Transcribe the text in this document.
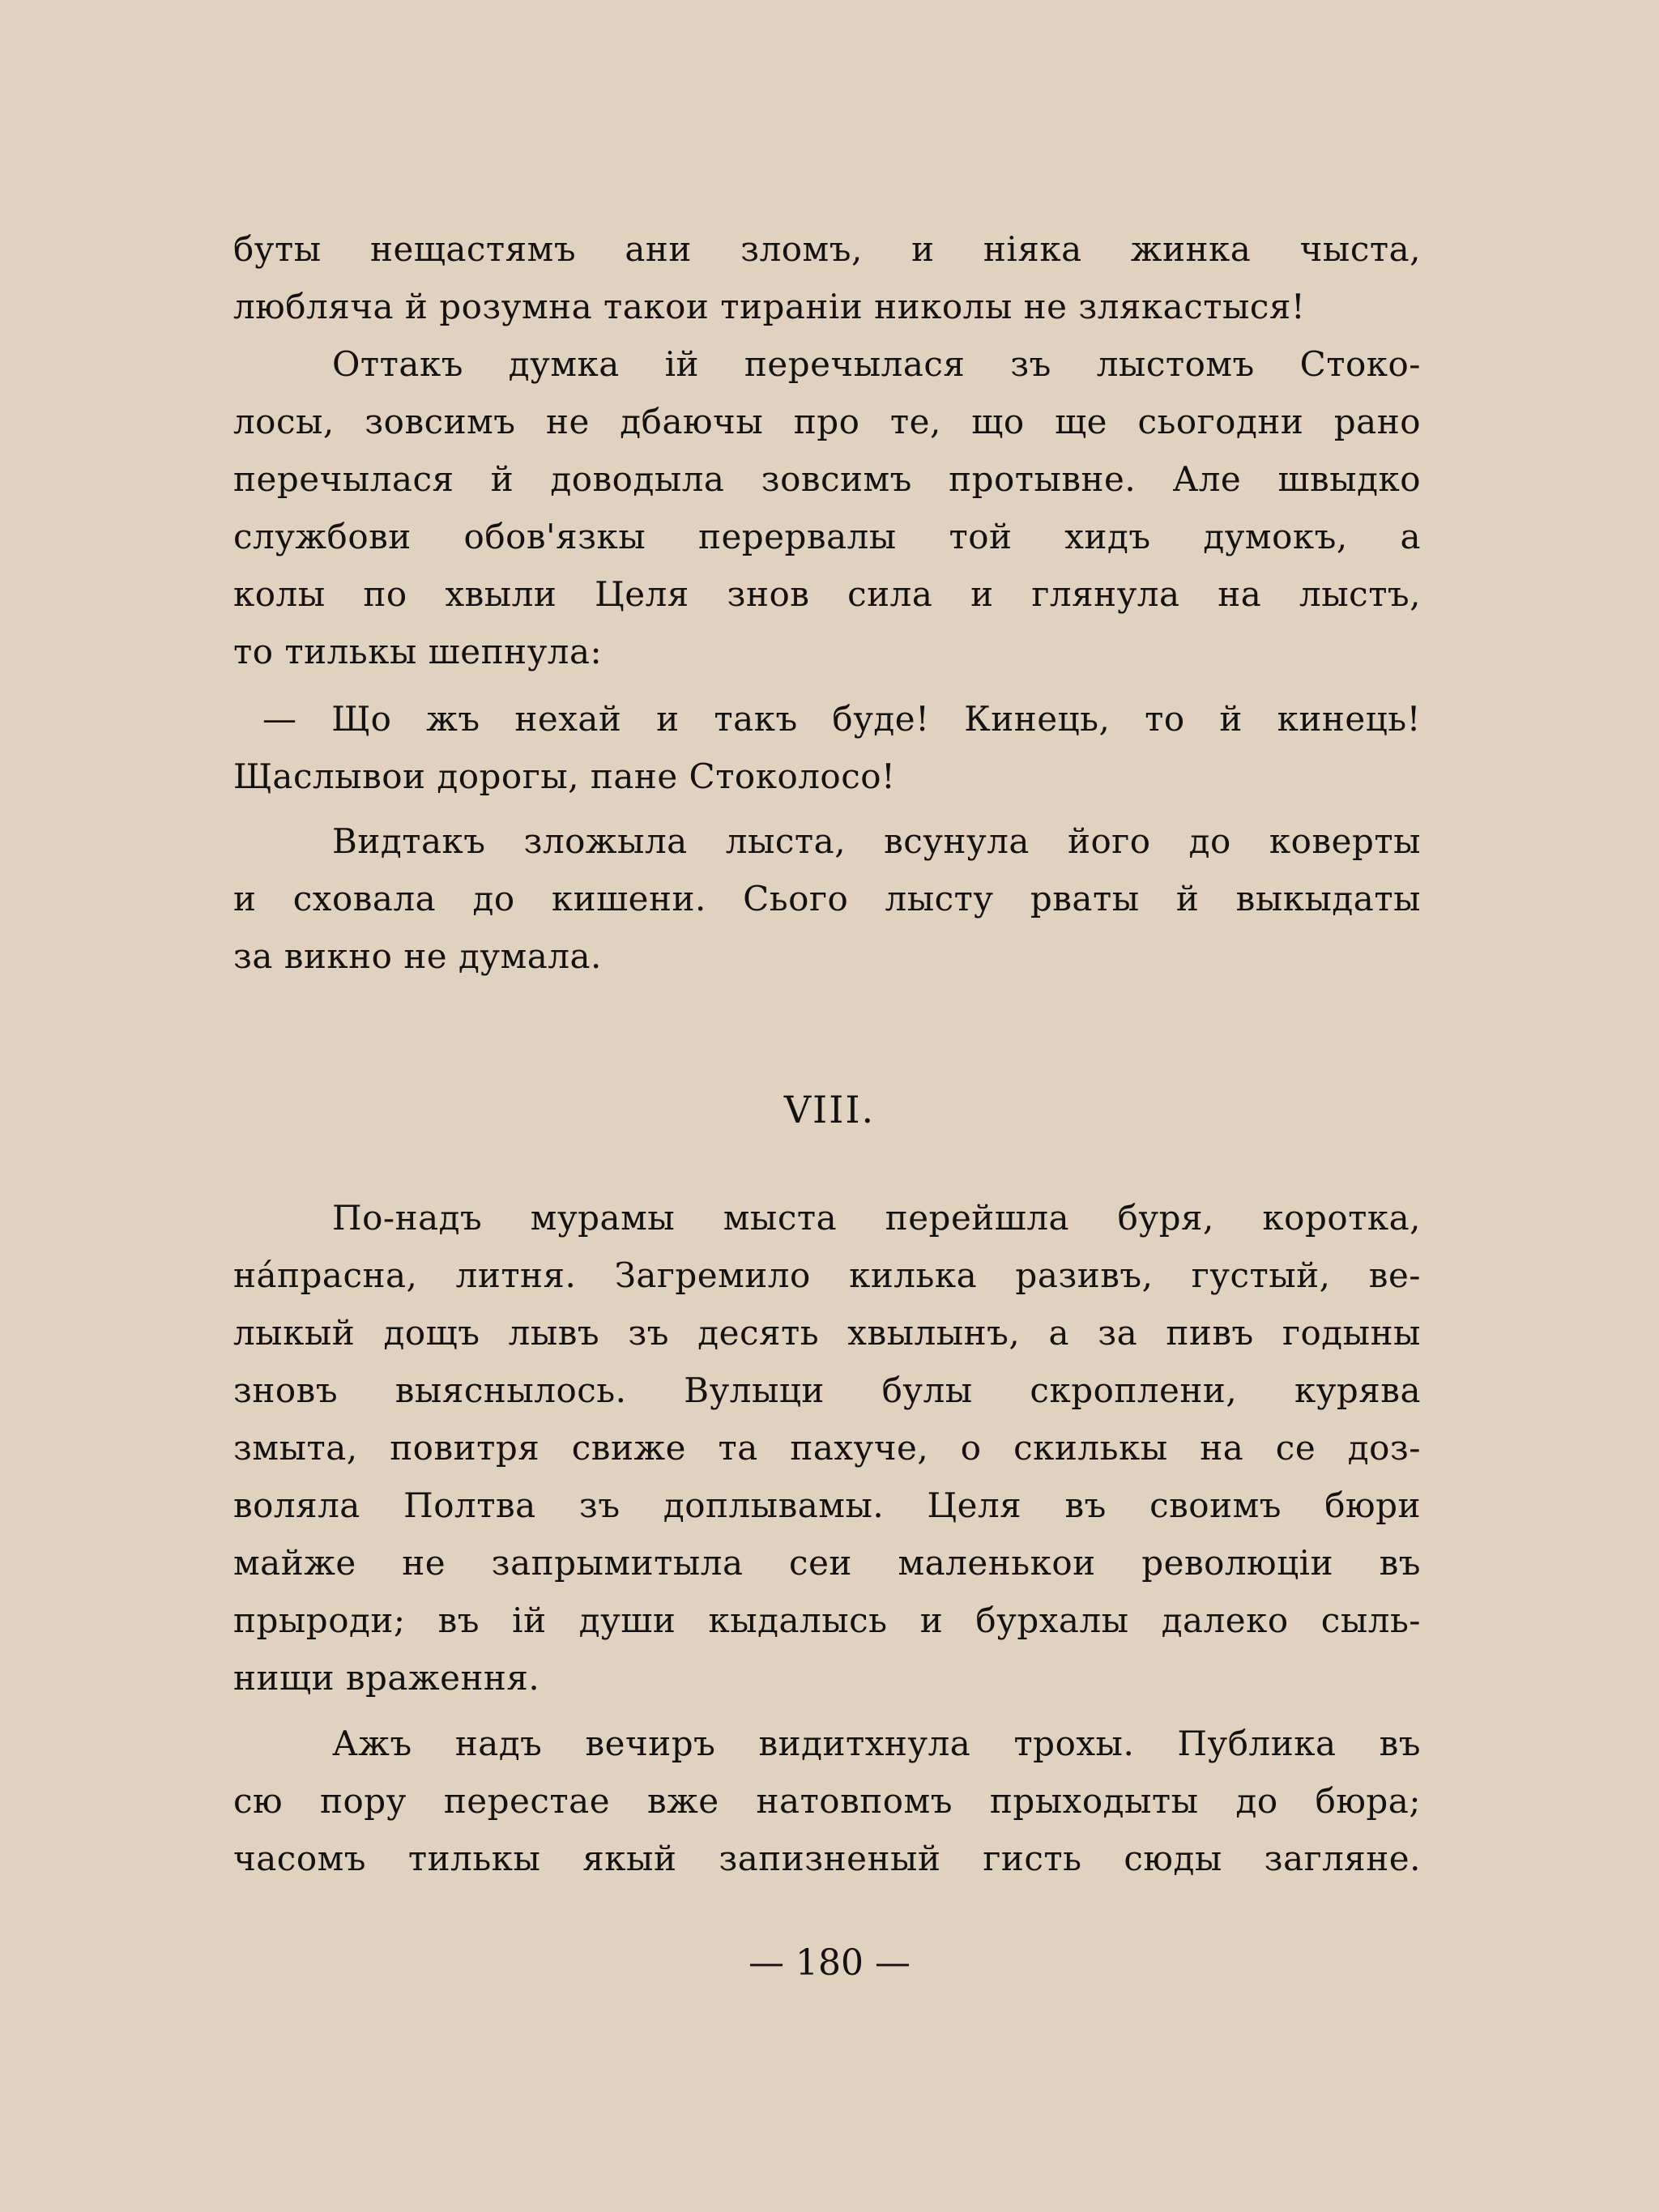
буты нещастямъ ани зломъ, и ніяка жинка чыста,
люблячa й розумна такои тираніи николы не злякастыся!
Оттакъ думка ій перечылася зъ лыстомъ Стоко-
лосы, зовсимъ не дбаючы про те, що ще сьогодни рано
перечылася й доводыла зовсимъ протывне. Але швыдко
службови обов'язкы перервалы той хидъ думокъ, а
колы по хвыли Целя знов сила и глянула на лыстъ,
то тилькы шепнула:
— Що жъ нехай и такъ буде! Кинець, то й кинець!
Щаслывои дорогы, пане Стоколосо!
Видтакъ зложыла лыста, всунула його до коверты
и сховала до кишени. Сього лысту рваты й выкыдаты
за викно не думала.
VIII.
По-надъ мурамы мыста перейшла буря, коротка,
нáпрасна, литня. Загремило килька разивъ, густый, ве-
лыкый дощъ лывъ зъ десять хвылынъ, а за пивъ годыны
зновъ выяснылось. Вулыци булы скроплени, курява
змыта, повитря свиже та пахуче, о скилькы на се доз-
воляла Полтва зъ доплывамы. Целя въ своимъ бюри
майже не запрымитыла сеи маленькои революціи въ
прыроди; въ ій души кыдалысь и бурхалы далеко сыль-
нищи враження.
Ажъ надъ вечиръ видитхнула трохы. Публика въ
сю пору перестае вже натовпомъ прыходыты до бюра;
часомъ тилькы якый запизненый гисть сюды загляне.
— 180 —
